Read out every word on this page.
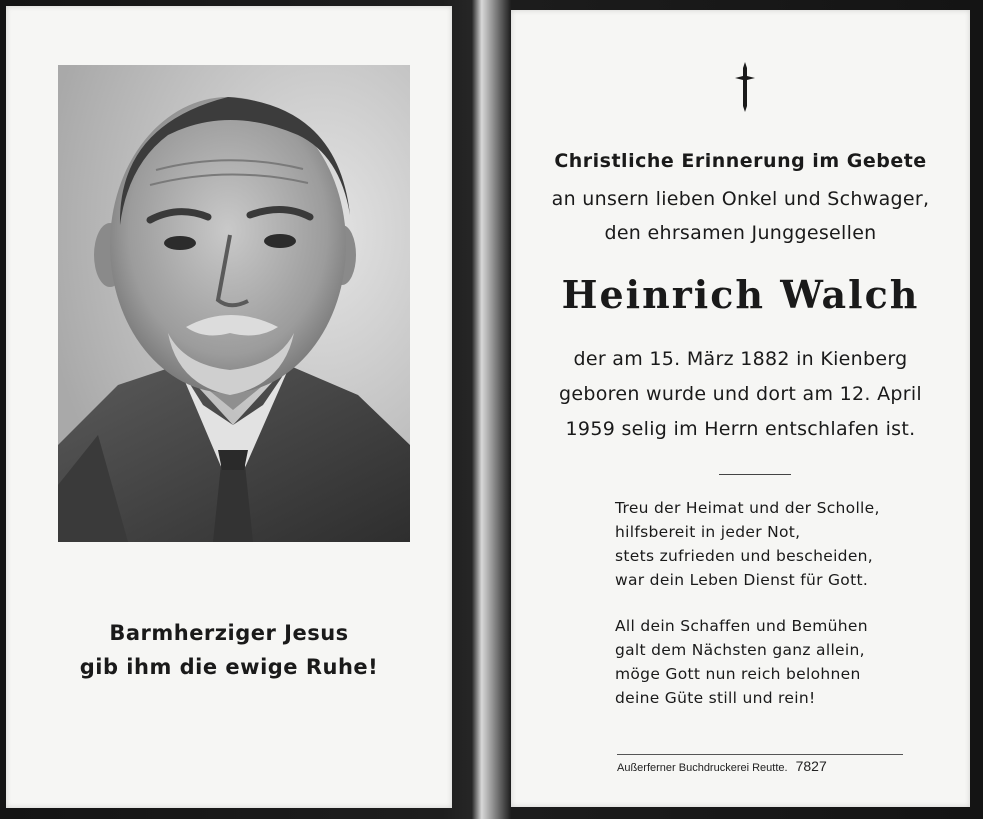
Barmherziger Jesus
gib ihm die ewige Ruhe!
Christliche Erinnerung im Gebete
an unsern lieben Onkel und Schwager,
den ehrsamen Junggesellen
Heinrich Walch
der am 15. März 1882 in Kienberg
geboren wurde und dort am 12. April
1959 selig im Herrn entschlafen ist.
Treu der Heimat und der Scholle,
hilfsbereit in jeder Not,
stets zufrieden und bescheiden,
war dein Leben Dienst für Gott.
All dein Schaffen und Bemühen
galt dem Nächsten ganz allein,
möge Gott nun reich belohnen
deine Güte still und rein!
Außerferner Buchdruckerei Reutte. 7827
